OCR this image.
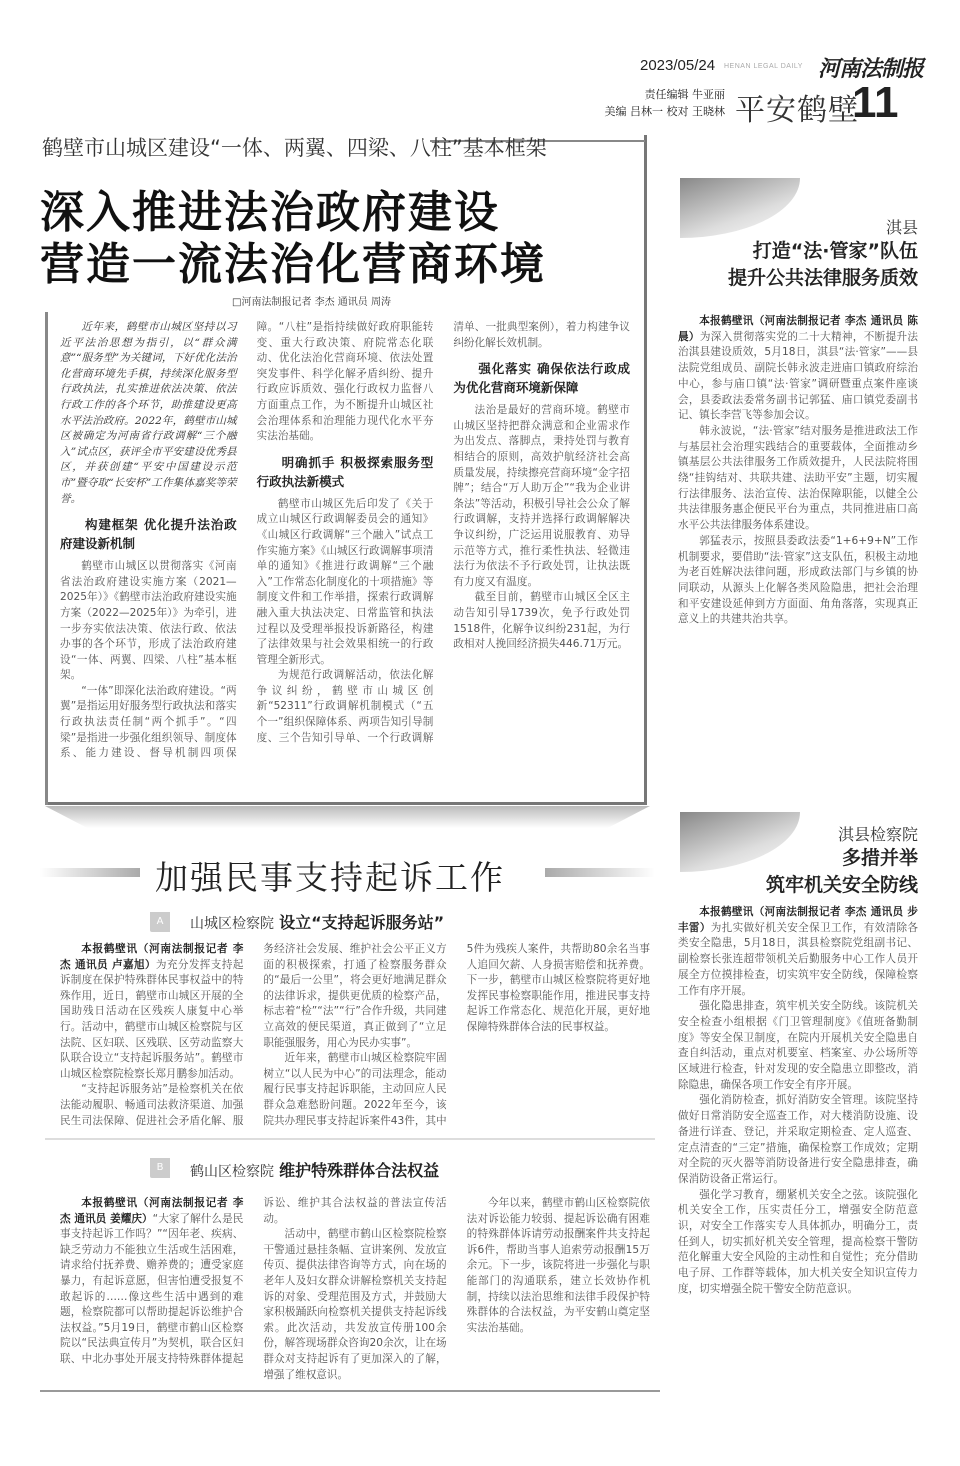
2023/05/24 HENAN LEGAL DAILY 河南法制报
责任编辑 牛亚丽
美编 吕林一 校对 王晓林 平安鹤壁
11
鹤壁市山城区建设“一体、两翼、四梁、八柱”基本框架
深入推进法治政府建设
营造一流法治化营商环境
□河南法制报记者 李杰 通讯员 周涛

近年来，鹤壁市山城区坚持以习近平法治思想为指引，以“群众满意”“服务型”为关键词，下好优化法治化营商环境先手棋，持续深化服务型行政执法，扎实推进依法决策、依法行政工作的各个环节，助推建设更高水平法治政府。2022年，鹤壁市山城区被确定为河南省行政调解“三个融入”试点区，获评全市平安建设优秀县区，并获创建“平安中国建设示范市”暨夺取“长安杯”工作集体嘉奖等荣誉。

构建框架 优化提升法治政府建设新机制

鹤壁市山城区以贯彻落实《河南省法治政府建设实施方案（2021—2025年）》《鹤壁市法治政府建设实施方案（2022—2025年）》为牵引，进一步夯实依法决策、依法行政、依法办事的各个环节，形成了法治政府建设“一体、两翼、四梁、八柱”基本框架。

“一体”即深化法治政府建设。“两翼”是指运用好服务型行政执法和落实行政执法责任制“两个抓手”。“四梁”是指进一步强化组织领导、制度体系、能力建设、督导机制四项保障。“八柱”是指持续做好政府职能转变、重大行政决策、府院常态化联动、优化法治化营商环境、依法处置突发事件、科学化解矛盾纠纷、提升行政应诉质效、强化行政权力监督八方面重点工作，为不断提升山城区社会治理体系和治理能力现代化水平夯实法治基础。

明确抓手 积极探索服务型行政执法新模式

鹤壁市山城区先后印发了《关于成立山城区行政调解委员会的通知》《山城区行政调解“三个融入”试点工作实施方案》《山城区行政调解事项清单的通知》《推进行政调解“三个融入”工作常态化制度化的十项措施》等制度文件和工作举措，探索行政调解融入重大执法决定、日常监管和执法过程以及受理举报投诉新路径，构建了法律效果与社会效果相统一的行政管理全新形式。

为规范行政调解活动，依法化解争议纠纷，鹤壁市山城区创新“52311”行政调解机制模式（“五个一”组织保障体系、两项告知引导制度、三个告知引导单、一个行政调解清单、一批典型案例），着力构建争议纠纷化解长效机制。

强化落实 确保依法行政成为优化营商环境新保障

法治是最好的营商环境。鹤壁市山城区坚持把群众满意和企业需求作为出发点、落脚点，秉持处罚与教育相结合的原则，高效护航经济社会高质量发展，持续擦亮营商环境“金字招牌”；结合“万人助万企”“我为企业讲条法”等活动，积极引导社会公众了解行政调解，支持并选择行政调解解决争议纠纷，广泛运用说服教育、劝导示范等方式，推行柔性执法、轻微违法行为依法不予行政处罚，让执法既有力度又有温度。

截至目前，鹤壁市山城区全区主动告知引导1739次，免予行政处罚1518件，化解争议纠纷231起，为行政相对人挽回经济损失446.71万元。

淇县
打造“法·管家”队伍
提升公共法律服务质效

本报鹤壁讯（河南法制报记者 李杰 通讯员 陈晨）为深入贯彻落实党的二十大精神，不断提升法治淇县建设质效，5月18日，淇县“法·管家”——县法院党组成员、副院长韩永波走进庙口镇政府综治中心，参与庙口镇“法·管家”调研暨重点案件座谈会，县委政法委常务副书记郭猛、庙口镇党委副书记、镇长李营飞等参加会议。

韩永波说，“法·管家”结对服务是推进政法工作与基层社会治理实践结合的重要载体，全面推动乡镇基层公共法律服务工作质效提升，人民法院将围绕“挂钩结对、共联共建、法助平安”主题，切实履行法律服务、法治宣传、法治保障职能，以健全公共法律服务惠企便民平台为重点，共同推进庙口高水平公共法律服务体系建设。

郭猛表示，按照县委政法委“1+6+9+N”工作机制要求，要借助“法·管家”这支队伍，积极主动地为老百姓解决法律问题，形成政法部门与乡镇的协同联动，从源头上化解各类风险隐患，把社会治理和平安建设延伸到方方面面、角角落落，实现真正意义上的共建共治共享。

淇县检察院
多措并举
筑牢机关安全防线

本报鹤壁讯（河南法制报记者 李杰 通讯员 步丰雷）为扎实做好机关安全保卫工作，有效清除各类安全隐患，5月18日，淇县检察院党组副书记、副检察长张连超带领机关后勤服务中心工作人员开展全方位摸排检查，切实筑牢安全防线，保障检察工作有序开展。

强化隐患排查，筑牢机关安全防线。该院机关安全检查小组根据《门卫管理制度》《值班备勤制度》等安全保卫制度，在院内开展机关安全隐患自查自纠活动，重点对机要室、档案室、办公场所等区域进行检查，针对发现的安全隐患立即整改，消除隐患，确保各项工作安全有序开展。

强化消防检查，抓好消防安全管理。该院坚持做好日常消防安全巡查工作，对大楼消防设施、设备进行详查、登记，并采取定期检查、定人巡查、定点清查的“三定”措施，确保检察工作成效；定期对全院的灭火器等消防设备进行安全隐患排查，确保消防设备正常运行。

强化学习教育，绷紧机关安全之弦。该院强化机关安全工作，压实责任分工，增强安全防范意识，对安全工作落实专人具体抓办，明确分工，责任到人，切实抓好机关安全管理，提高检察干警防范化解重大安全风险的主动性和自觉性；充分借助电子屏、工作群等载体，加大机关安全知识宣传力度，切实增强全院干警安全防范意识。

加强民事支持起诉工作
A	山城区检察院 设立“支持起诉服务站”

本报鹤壁讯（河南法制报记者 李杰 通讯员 卢嘉旭）为充分发挥支持起诉制度在保护特殊群体民事权益中的特殊作用，近日，鹤壁市山城区开展的全国助残日活动在区残疾人康复中心举行。活动中，鹤壁市山城区检察院与区法院、区妇联、区残联、区劳动监察大队联合设立“支持起诉服务站”。鹤壁市山城区检察院检察长郑月鹏参加活动。

“支持起诉服务站”是检察机关在依法能动履职、畅通司法救济渠道、加强民生司法保障、促进社会矛盾化解、服务经济社会发展、维护社会公平正义方面的积极探索，打通了检察服务群众的“最后一公里”，将会更好地满足群众的法律诉求，提供更优质的检察产品，标志着“检”“法”“行”合作升级，共同建立高效的便民渠道，真正做到了“立足职能强服务，用心为民办实事”。

近年来，鹤壁市山城区检察院牢固树立“以人民为中心”的司法理念，能动履行民事支持起诉职能，主动回应人民群众急难愁盼问题。2022年至今，该院共办理民事支持起诉案件43件，其中5件为残疾人案件，共帮助80余名当事人追回欠薪、人身损害赔偿和抚养费。下一步，鹤壁市山城区检察院将更好地发挥民事检察职能作用，推进民事支持起诉工作常态化、规范化开展，更好地保障特殊群体合法的民事权益。

B	鹤山区检察院 维护特殊群体合法权益

本报鹤壁讯（河南法制报记者 李杰 通讯员 姜耀庆）“大家了解什么是民事支持起诉工作吗？”“因年老、疾病、缺乏劳动力不能独立生活或生活困难，请求给付抚养费、赡养费的；遭受家庭暴力，有起诉意愿，但害怕遭受报复不敢起诉的……像这些生活中遇到的难题，检察院都可以帮助提起诉讼维护合法权益。”5月19日，鹤壁市鹤山区检察院以“民法典宣传月”为契机，联合区妇联、中北办事处开展支持特殊群体提起诉讼、维护其合法权益的普法宣传活动。

活动中，鹤壁市鹤山区检察院检察干警通过悬挂条幅、宣讲案例、发放宣传页、提供法律咨询等方式，向在场的老年人及妇女群众讲解检察机关支持起诉的对象、受理范围及方式，并鼓励大家积极踊跃向检察机关提供支持起诉线索。此次活动，共发放宣传册100余份，解答现场群众咨询20余次，让在场群众对支持起诉有了更加深入的了解，增强了维权意识。

今年以来，鹤壁市鹤山区检察院依法对诉讼能力较弱、提起诉讼确有困难的特殊群体诉请劳动报酬案件共支持起诉6件，帮助当事人追索劳动报酬15万余元。下一步，该院将进一步强化与职能部门的沟通联系，建立长效协作机制，持续以法治思维和法律手段保护特殊群体的合法权益，为平安鹤山奠定坚实法治基础。
